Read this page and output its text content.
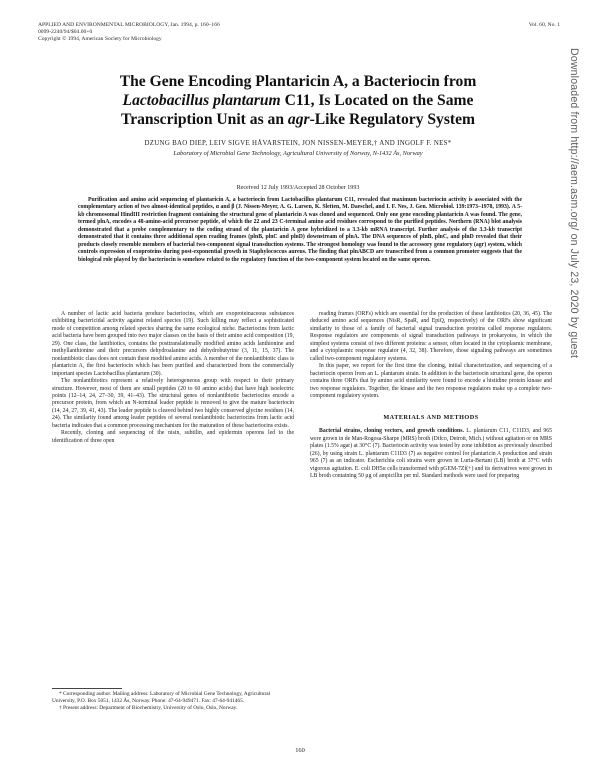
APPLIED AND ENVIRONMENTAL MICROBIOLOGY, Jan. 1994, p. 160–166
0099-2240/94/$04.00+0
Copyright © 1994, American Society for Microbiology
Vol. 60, No. 1
The Gene Encoding Plantaricin A, a Bacteriocin from
Lactobacillus plantarum C11, Is Located on the Same
Transcription Unit as an agr-Like Regulatory System
DZUNG BAO DIEP, LEIV SIGVE HÅVARSTEIN, JON NISSEN-MEYER,† AND INGOLF F. NES*
Laboratory of Microbial Gene Technology, Agricultural University of Norway, N-1432 Ås, Norway
Received 12 July 1993/Accepted 28 October 1993

Purification and amino acid sequencing of plantaricin A, a bacteriocin from Lactobacillus plantarum C11, revealed that maximum bacteriocin activity is associated with the complementary action of two almost-identical peptides, α and β (J. Nissen-Meyer, A. G. Larsen, K. Sletten, M. Daeschel, and I. F. Nes, J. Gen. Microbiol. 139:1973–1978, 1993). A 5-kb chromosomal HindIII restriction fragment containing the structural gene of plantaricin A was cloned and sequenced. Only one gene encoding plantaricin A was found. The gene, termed plnA, encodes a 48-amino-acid precursor peptide, of which the 22 and 23 C-terminal amino acid residues correspond to the purified peptides. Northern (RNA) blot analysis demonstrated that a probe complementary to the coding strand of the plantaricin A gene hybridized to a 3.3-kb mRNA transcript. Further analysis of the 3.3-kb transcript demonstrated that it contains three additional open reading frames (plnB, plnC and plnD) downstream of plnA. The DNA sequences of plnB, plnC, and plnD revealed that their products closely resemble members of bacterial two-component signal transduction systems. The strongest homology was found to the accessory gene regulatory (agr) system, which controls expression of exoproteins during post-exponential growth in Staphylococcus aureus. The finding that plnABCD are transcribed from a common promoter suggests that the biological role played by the bacteriocin is somehow related to the regulatory function of the two-component system located on the same operon.

A number of lactic acid bacteria produce bacteriocins, which are exoproteinaceous substances exhibiting bactericidal activity against related species (19). Such killing may reflect a sophisticated mode of competition among related species sharing the same ecological niche. Bacteriocins from lactic acid bacteria have been grouped into two major classes on the basis of their amino acid composition (19, 29). One class, the lantibiotics, contains the posttranslationally modified amino acids lanthionine and methyllanthionine and their precursors dehydroalanine and dehydrobutyrine (3, 11, 15, 37). The nonlantibiotic class does not contain these modified amino acids. A member of the nonlantibiotic class is plantaricin A, the first bacteriocin which has been purified and characterized from the commercially important species Lactobacillus plantarum (30).

The nonlantibiotics represent a relatively heterogeneous group with respect to their primary structure. However, most of them are small peptides (20 to 60 amino acids) that have high isoelectric points (12–14, 24, 27–30, 39, 41–43). The structural genes of nonlantibiotic bacteriocins encode a precursor protein, from which an N-terminal leader peptide is removed to give the mature bacteriocin (14, 24, 27, 39, 41, 43). The leader peptide is cleaved behind two highly conserved glycine residues (14, 24). The similarity found among leader peptides of several nonlantibiotic bacteriocins from lactic acid bacteria indicates that a common processing mechanism for the maturation of these bacteriocins exists.

Recently, cloning and sequencing of the nisin, subtilin, and epidermin operons led to the identification of three open

reading frames (ORFs) which are essential for the production of these lantibiotics (20, 36, 45). The deduced amino acid sequences (NisR, SpaR, and EpiQ, respectively) of the ORFs show significant similarity to those of a family of bacterial signal transduction proteins called response regulators. Response regulators are components of signal transduction pathways in prokaryotes, in which the simplest systems consist of two different proteins: a sensor, often located in the cytoplasmic membrane, and a cytoplasmic response regulator (4, 32, 38). Therefore, those signaling pathways are sometimes called two-component regulatory systems.

In this paper, we report for the first time the cloning, initial characterization, and sequencing of a bacteriocin operon from an L. plantarum strain. In addition to the bacteriocin structural gene, the operon contains three ORFs that by amino acid similarity were found to encode a histidine protein kinase and two response regulators. Together, the kinase and the two response regulators make up a complete two-component regulatory system.

MATERIALS AND METHODS

Bacterial strains, cloning vectors, and growth conditions. L. plantarum C11, C11D3, and 965 were grown in de Man-Rogosa-Sharpe (MRS) broth (Difco, Detroit, Mich.) without agitation or on MRS plates (1.5% agar) at 30°C (7). Bacteriocin activity was tested by zone inhibition as previously described (26), by using strain L. plantarum C11D3 (7) as negative control for plantaricin A production and strain 965 (7) as an indicator. Escherichia coli strains were grown in Luria-Bertani (LB) broth at 37°C with vigorous agitation. E. coli DH5α cells transformed with pGEM-7Zf(+) and its derivatives were grown in LB broth containing 50 µg of ampicillin per ml. Standard methods were used for preparing

* Corresponding author. Mailing address: Laboratory of Microbial Gene Technology, Agricultural University, P.O. Box 5051, 1432 Ås, Norway. Phone: 47-64-949471. Fax: 47-64-941465.

† Present address: Department of Biochemistry, University of Oslo, Oslo, Norway.

160
Downloaded from http://aem.asm.org/ on July 23, 2020 by guest
